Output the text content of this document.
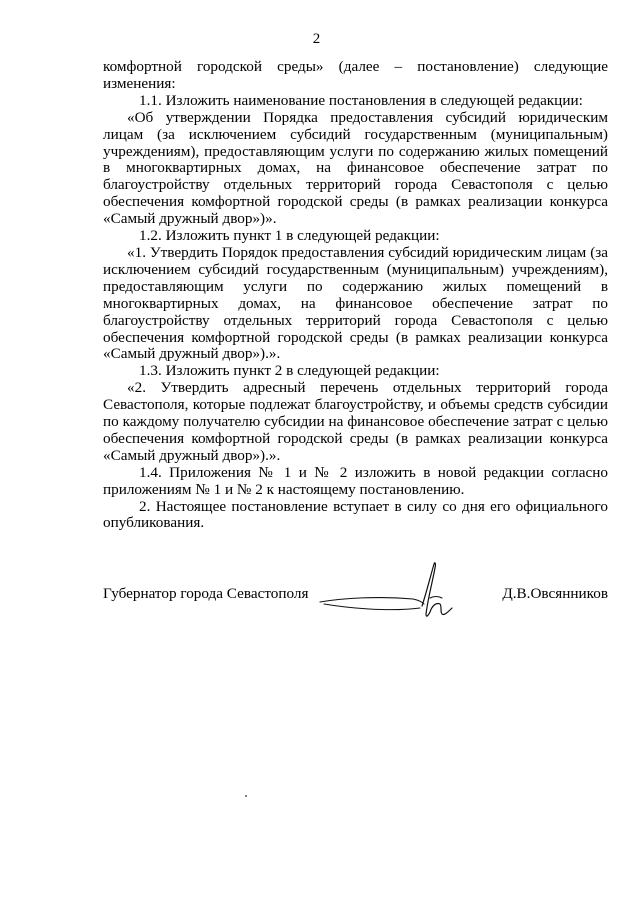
2

комфортной городской среды» (далее – постановление) следующие изменения:

1.1. Изложить наименование постановления в следующей редакции:

«Об утверждении Порядка предоставления субсидий юридическим лицам (за исключением субсидий государственным (муниципальным) учреждениям), предоставляющим услуги по содержанию жилых помещений в многоквартирных домах, на финансовое обеспечение затрат по благоустройству отдельных территорий города Севастополя с целью обеспечения комфортной городской среды (в рамках реализации конкурса «Самый дружный двор»)».

1.2. Изложить пункт 1 в следующей редакции:

«1. Утвердить Порядок предоставления субсидий юридическим лицам (за исключением субсидий государственным (муниципальным) учреждениям), предоставляющим услуги по содержанию жилых помещений в многоквартирных домах, на финансовое обеспечение затрат по благоустройству отдельных территорий города Севастополя с целью обеспечения комфортной городской среды (в рамках реализации конкурса «Самый дружный двор»).».

1.3. Изложить пункт 2 в следующей редакции:

«2. Утвердить адресный перечень отдельных территорий города Севастополя, которые подлежат благоустройству, и объемы средств субсидии по каждому получателю субсидии на финансовое обеспечение затрат с целью обеспечения комфортной городской среды (в рамках реализации конкурса «Самый дружный двор»).».

1.4. Приложения № 1 и № 2 изложить в новой редакции согласно приложениям № 1 и № 2 к настоящему постановлению.

2. Настоящее постановление вступает в силу со дня его официального опубликования.

Губернатор города Севастополя	Д.В.Овсянников
